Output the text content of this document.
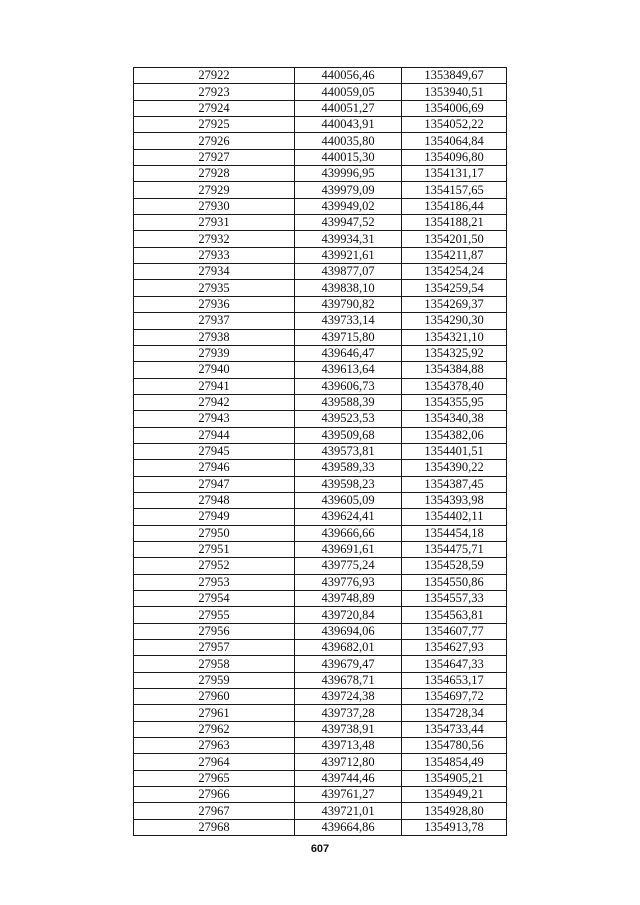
27922	440056,46	1353849,67
27923	440059,05	1353940,51
27924	440051,27	1354006,69
27925	440043,91	1354052,22
27926	440035,80	1354064,84
27927	440015,30	1354096,80
27928	439996,95	1354131,17
27929	439979,09	1354157,65
27930	439949,02	1354186,44
27931	439947,52	1354188,21
27932	439934,31	1354201,50
27933	439921,61	1354211,87
27934	439877,07	1354254,24
27935	439838,10	1354259,54
27936	439790,82	1354269,37
27937	439733,14	1354290,30
27938	439715,80	1354321,10
27939	439646,47	1354325,92
27940	439613,64	1354384,88
27941	439606,73	1354378,40
27942	439588,39	1354355,95
27943	439523,53	1354340,38
27944	439509,68	1354382,06
27945	439573,81	1354401,51
27946	439589,33	1354390,22
27947	439598,23	1354387,45
27948	439605,09	1354393,98
27949	439624,41	1354402,11
27950	439666,66	1354454,18
27951	439691,61	1354475,71
27952	439775,24	1354528,59
27953	439776,93	1354550,86
27954	439748,89	1354557,33
27955	439720,84	1354563,81
27956	439694,06	1354607,77
27957	439682,01	1354627,93
27958	439679,47	1354647,33
27959	439678,71	1354653,17
27960	439724,38	1354697,72
27961	439737,28	1354728,34
27962	439738,91	1354733,44
27963	439713,48	1354780,56
27964	439712,80	1354854,49
27965	439744,46	1354905,21
27966	439761,27	1354949,21
27967	439721,01	1354928,80
27968	439664,86	1354913,78
607
